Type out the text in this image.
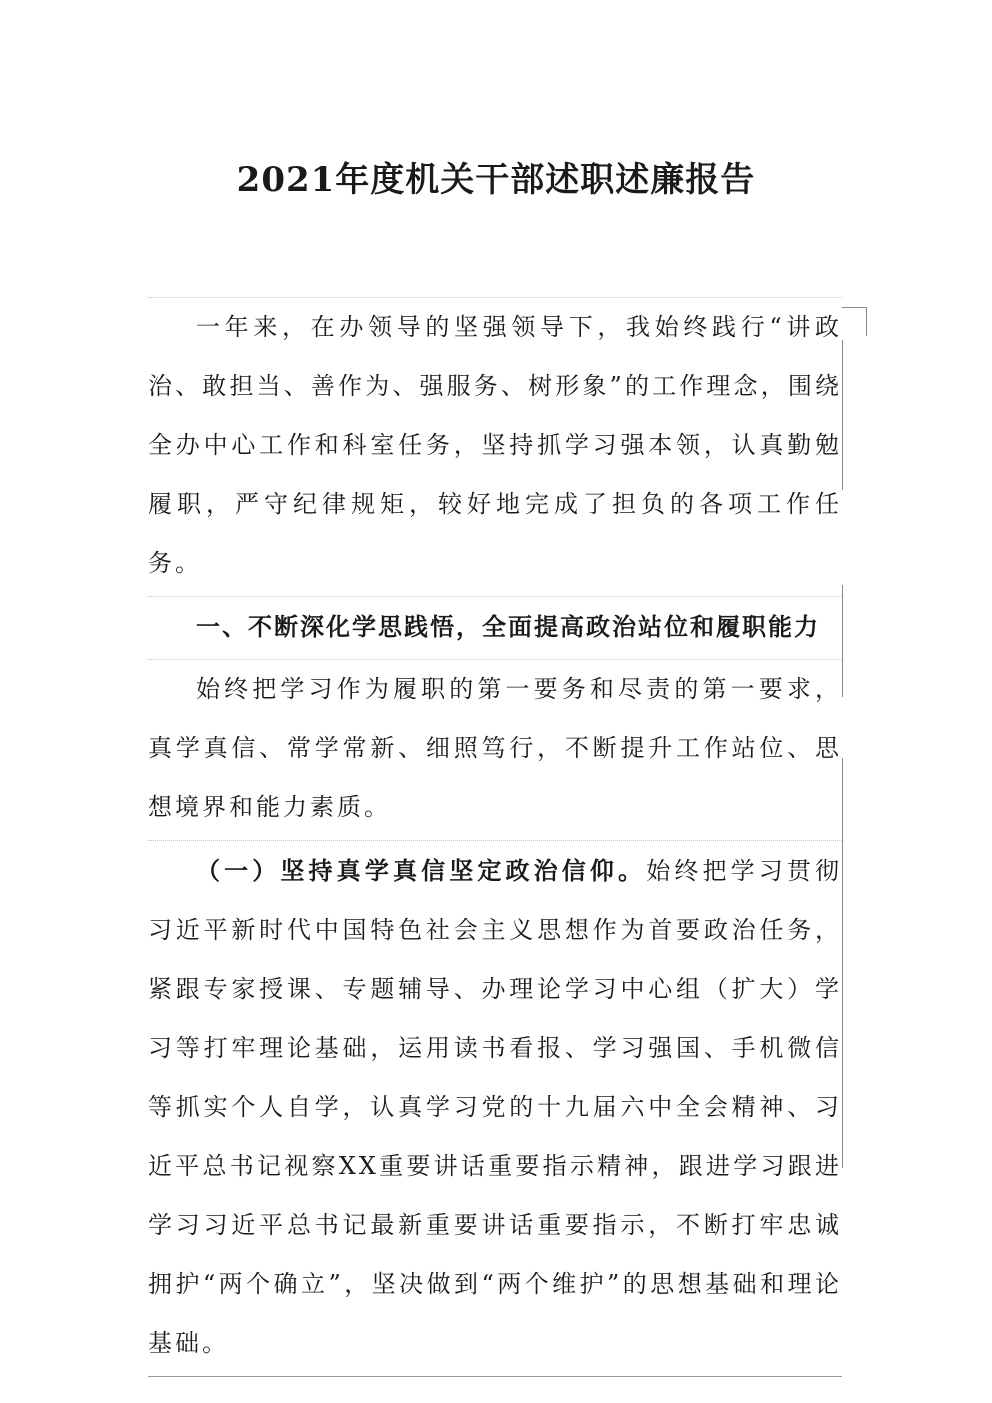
2021年度机关干部述职述廉报告

一年来，在办领导的坚强领导下，我始终践行“讲政治、敢担当、善作为、强服务、树形象”的工作理念，围绕全办中心工作和科室任务，坚持抓学习强本领，认真勤勉履职，严守纪律规矩，较好地完成了担负的各项工作任务。

一、不断深化学思践悟，全面提高政治站位和履职能力

始终把学习作为履职的第一要务和尽责的第一要求，真学真信、常学常新、细照笃行，不断提升工作站位、思想境界和能力素质。

（一）坚持真学真信坚定政治信仰。始终把学习贯彻习近平新时代中国特色社会主义思想作为首要政治任务，紧跟专家授课、专题辅导、办理论学习中心组（扩大）学习等打牢理论基础，运用读书看报、学习强国、手机微信等抓实个人自学，认真学习党的十九届六中全会精神、习近平总书记视察XX重要讲话重要指示精神，跟进学习跟进学习习近平总书记最新重要讲话重要指示，不断打牢忠诚拥护“两个确立”，坚决做到“两个维护”的思想基础和理论基础。
